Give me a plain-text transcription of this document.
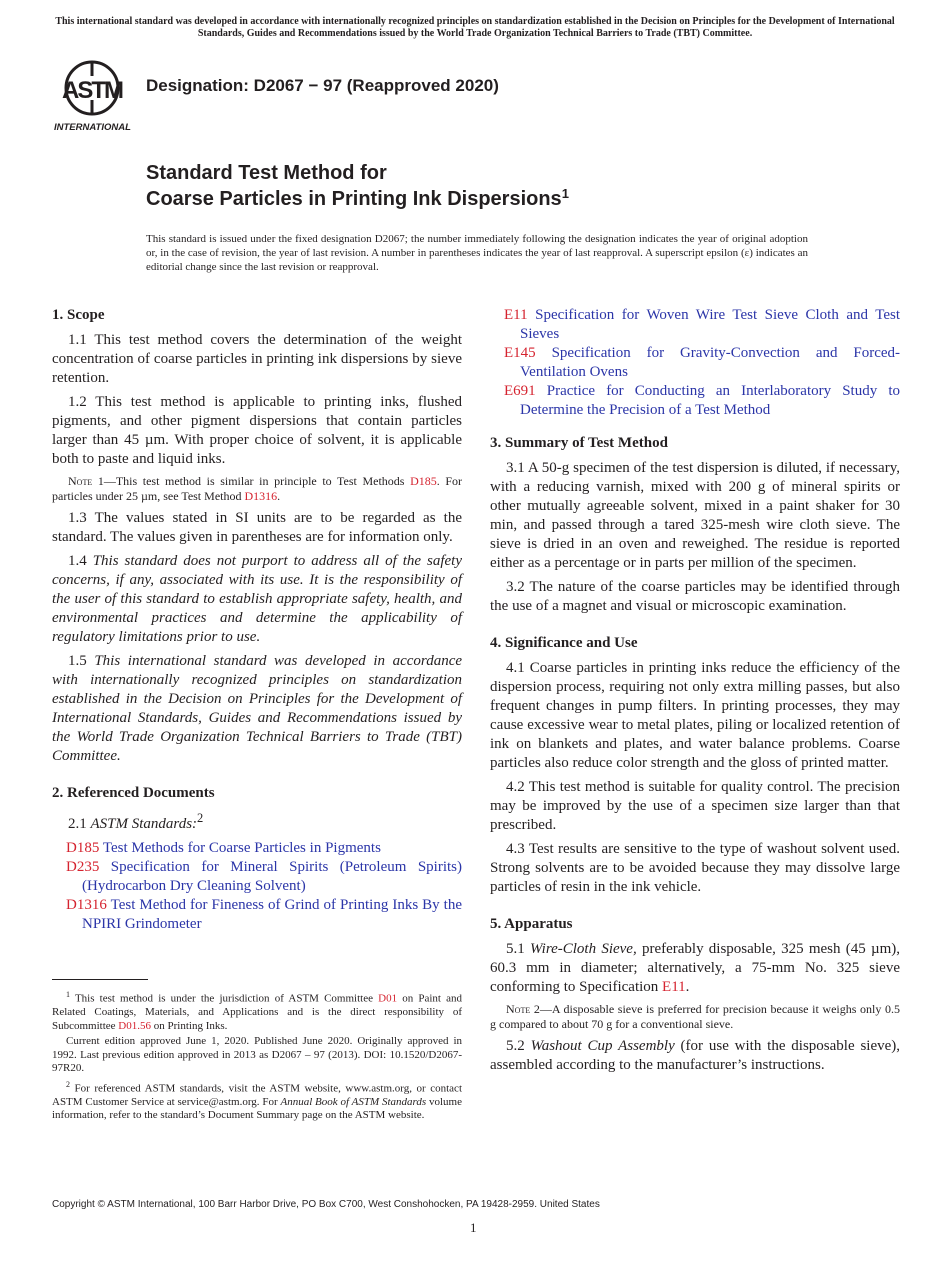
This international standard was developed in accordance with internationally recognized principles on standardization established in the Decision on Principles for the Development of International Standards, Guides and Recommendations issued by the World Trade Organization Technical Barriers to Trade (TBT) Committee.
ASTM
INTERNATIONAL
Designation: D2067 − 97 (Reapproved 2020)
Standard Test Method for
Coarse Particles in Printing Ink Dispersions$^1$
This standard is issued under the fixed designation D2067; the number immediately following the designation indicates the year of original adoption or, in the case of revision, the year of last revision. A number in parentheses indicates the year of last reapproval. A superscript epsilon (ε) indicates an editorial change since the last revision or reapproval.
1. Scope

1.1 This test method covers the determination of the weight concentration of coarse particles in printing ink dispersions by sieve retention.

1.2 This test method is applicable to printing inks, flushed pigments, and other pigment dispersions that contain particles larger than 45 µm. With proper choice of solvent, it is applicable both to paste and liquid inks.

Note 1—This test method is similar in principle to Test Methods D185. For particles under 25 µm, see Test Method D1316.

1.3 The values stated in SI units are to be regarded as the standard. The values given in parentheses are for information only.

1.4 This standard does not purport to address all of the safety concerns, if any, associated with its use. It is the responsibility of the user of this standard to establish appropriate safety, health, and environmental practices and determine the applicability of regulatory limitations prior to use.

1.5 This international standard was developed in accordance with internationally recognized principles on standardization established in the Decision on Principles for the Development of International Standards, Guides and Recommendations issued by the World Trade Organization Technical Barriers to Trade (TBT) Committee.

2. Referenced Documents

2.1 ASTM Standards:$^2$

D185 Test Methods for Coarse Particles in Pigments
D235 Specification for Mineral Spirits (Petroleum Spirits) (Hydrocarbon Dry Cleaning Solvent)
D1316 Test Method for Fineness of Grind of Printing Inks By the NPIRI Grindometer
E11 Specification for Woven Wire Test Sieve Cloth and Test Sieves
E145 Specification for Gravity-Convection and Forced-Ventilation Ovens
E691 Practice for Conducting an Interlaboratory Study to Determine the Precision of a Test Method
3. Summary of Test Method

3.1 A 50-g specimen of the test dispersion is diluted, if necessary, with a reducing varnish, mixed with 200 g of mineral spirits or other mutually agreeable solvent, mixed in a paint shaker for 30 min, and passed through a tared 325-mesh wire cloth sieve. The sieve is dried in an oven and reweighed. The residue is reported either as a percentage or in parts per million of the specimen.

3.2 The nature of the coarse particles may be identified through the use of a magnet and visual or microscopic examination.

4. Significance and Use

4.1 Coarse particles in printing inks reduce the efficiency of the dispersion process, requiring not only extra milling passes, but also frequent changes in pump filters. In printing processes, they may cause excessive wear to metal plates, piling or localized retention of ink on blankets and plates, and water balance problems. Coarse particles also reduce color strength and the gloss of printed matter.

4.2 This test method is suitable for quality control. The precision may be improved by the use of a specimen size larger than that prescribed.

4.3 Test results are sensitive to the type of washout solvent used. Strong solvents are to be avoided because they may dissolve large particles of resin in the ink vehicle.

5. Apparatus

5.1 Wire-Cloth Sieve, preferably disposable, 325 mesh (45 µm), 60.3 mm in diameter; alternatively, a 75-mm No. 325 sieve conforming to Specification E11.

Note 2—A disposable sieve is preferred for precision because it weighs only 0.5 g compared to about 70 g for a conventional sieve.

5.2 Washout Cup Assembly (for use with the disposable sieve), assembled according to the manufacturer’s instructions.

$^1$ This test method is under the jurisdiction of ASTM Committee D01 on Paint and Related Coatings, Materials, and Applications and is the direct responsibility of Subcommittee D01.56 on Printing Inks.

Current edition approved June 1, 2020. Published June 2020. Originally approved in 1992. Last previous edition approved in 2013 as D2067 – 97 (2013). DOI: 10.1520/D2067-97R20.

$^2$ For referenced ASTM standards, visit the ASTM website, www.astm.org, or contact ASTM Customer Service at service@astm.org. For Annual Book of ASTM Standards volume information, refer to the standard’s Document Summary page on the ASTM website.

Copyright © ASTM International, 100 Barr Harbor Drive, PO Box C700, West Conshohocken, PA 19428-2959. United States
1
